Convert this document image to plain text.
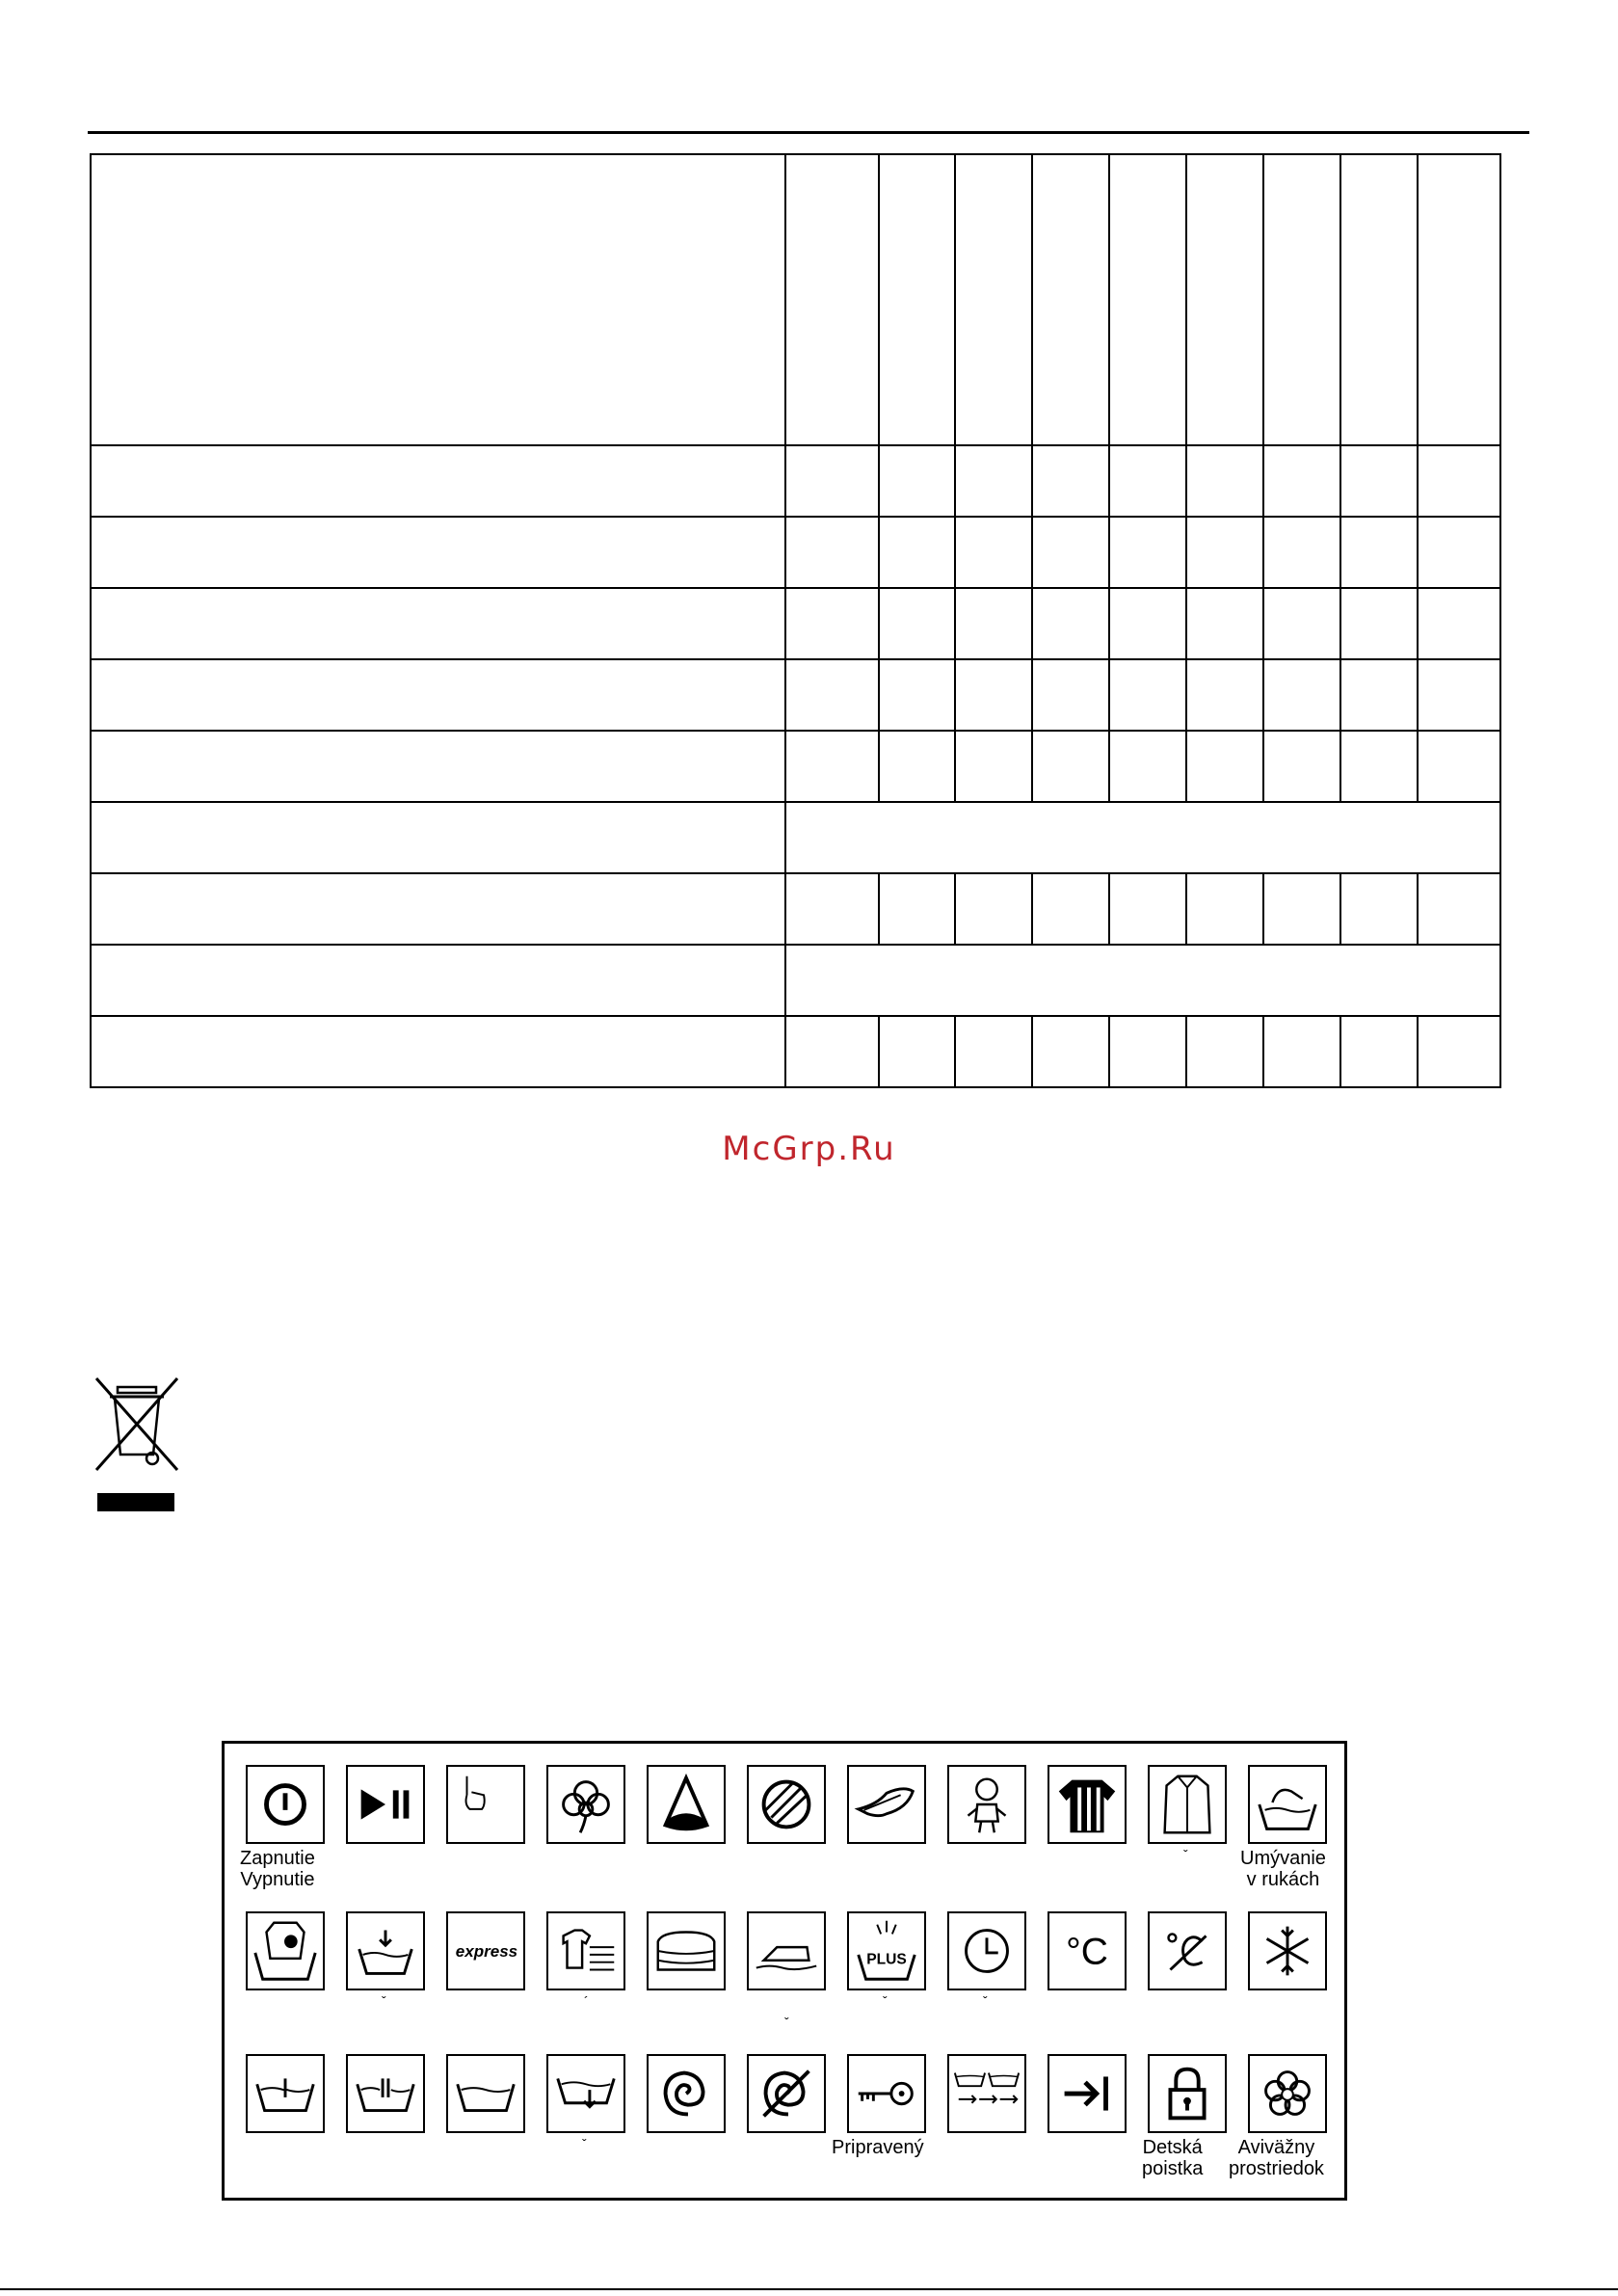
McGrp.Ru
Zapnutie
Vypnutie
ˇ	Umývanie
v rukách
ˇ
express
´
ˇ
PLUS
ˇ	ˇ
°C
ˇ	Pripravený	Detská
poistka
Aviväžny
prostriedok
